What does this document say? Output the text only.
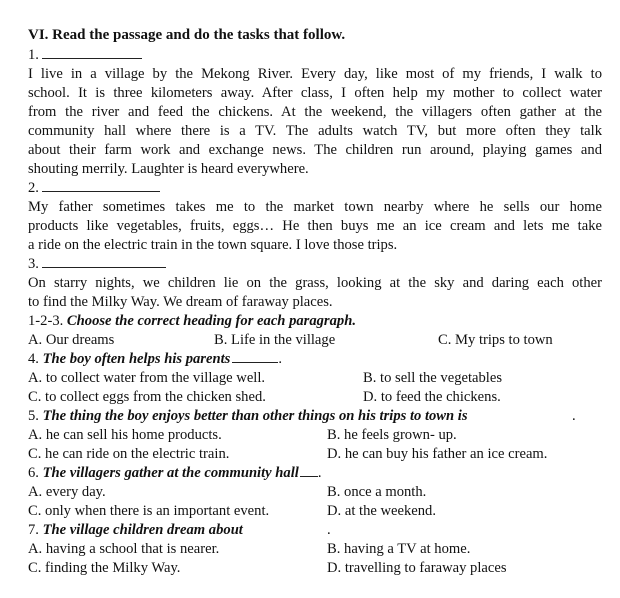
VI. Read the passage and do the tasks that follow.
1.
I live in a village by the Mekong River. Every day, like most of my friends, I walk to
school. It is three kilometers away. After class, I often help my mother to collect water
from the river and feed the chickens. At the weekend, the villagers often gather at the
community hall where there is a TV. The adults watch TV, but more often they talk
about their farm work and exchange news. The children run around, playing games and
shouting merrily. Laughter is heard everywhere.
2.
My father sometimes takes me to the market town nearby where he sells our home
products like vegetables, fruits, eggs… He then buys me an ice cream and lets me take
a ride on the electric train in the town square. I love those trips.
3.
On starry nights, we children lie on the grass, looking at the sky and daring each other
to find the Milky Way. We dream of faraway places.
1-2-3. Choose the correct heading for each paragraph.
A. Our dreams	B. Life in the village	C. My trips to town
4. The boy often helps his parents	.
A. to collect water from the village well.	B. to sell the vegetables
C. to collect eggs from the chicken shed.	D. to feed the chickens.
5. The thing the boy enjoys better than other things on his trips to town is	.
A. he can sell his home products.	B. he feels grown- up.
C. he can ride on the electric train.	D. he can buy his father an ice cream.
6. The villagers gather at the community hall .
A. every day.	B. once a month.
C. only when there is an important event.	D. at the weekend.
7. The village children dream about	.
A. having a school that is nearer.	B. having a TV at home.
C. finding the Milky Way.	D. travelling to faraway places
